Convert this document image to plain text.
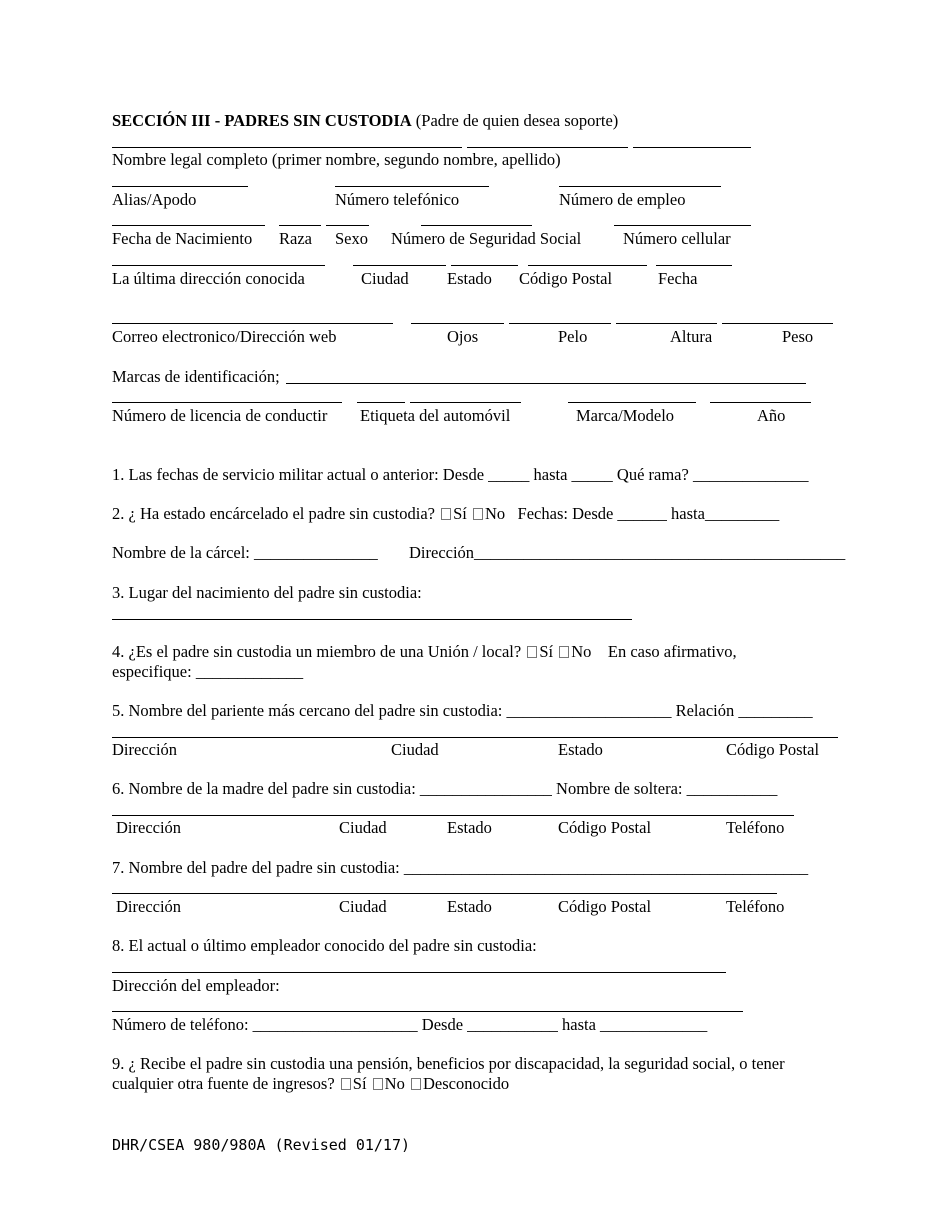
SECCIÓN III - PADRES SIN CUSTODIA (Padre de quien desea soporte)
Nombre legal completo (primer nombre, segundo nombre, apellido)
Alias/Apodo	Número telefónico	Número de empleo
Fecha de Nacimiento Raza Sexo Número de Seguridad Social	Número cellular
La última dirección conocida	Ciudad Estado Código Postal	Fecha
Correo electronico/Dirección web	Ojos	Pelo	Altura	Peso
Marcas de identificación;
Número de licencia de conductir Etiqueta del automóvil	Marca/Modelo	Año
1. Las fechas de servicio militar actual o anterior: Desde _____ hasta _____ Qué rama? ______________
2. ¿ Ha estado encárcelado el padre sin custodia? Sí No Fechas: Desde ______ hasta_________
Nombre de la cárcel: _______________ Dirección_____________________________________________
3. Lugar del nacimiento del padre sin custodia:
4. ¿Es el padre sin custodia un miembro de una Unión / local? Sí No En caso afirmativo,
especifique: _____________
5. Nombre del pariente más cercano del padre sin custodia: ____________________ Relación _________
Dirección	Ciudad	Estado	Código Postal
6. Nombre de la madre del padre sin custodia: ________________ Nombre de soltera: ___________
Dirección	Ciudad	Estado	Código Postal	Teléfono
7. Nombre del padre del padre sin custodia: _________________________________________________
Dirección	Ciudad	Estado	Código Postal	Teléfono
8. El actual o último empleador conocido del padre sin custodia:
Dirección del empleador:
Número de teléfono: ____________________ Desde ___________ hasta _____________
9. ¿ Recibe el padre sin custodia una pensión, beneficios por discapacidad, la seguridad social, o tener
cualquier otra fuente de ingresos? Sí No Desconocido
DHR/CSEA 980/980A (Revised 01/17)
